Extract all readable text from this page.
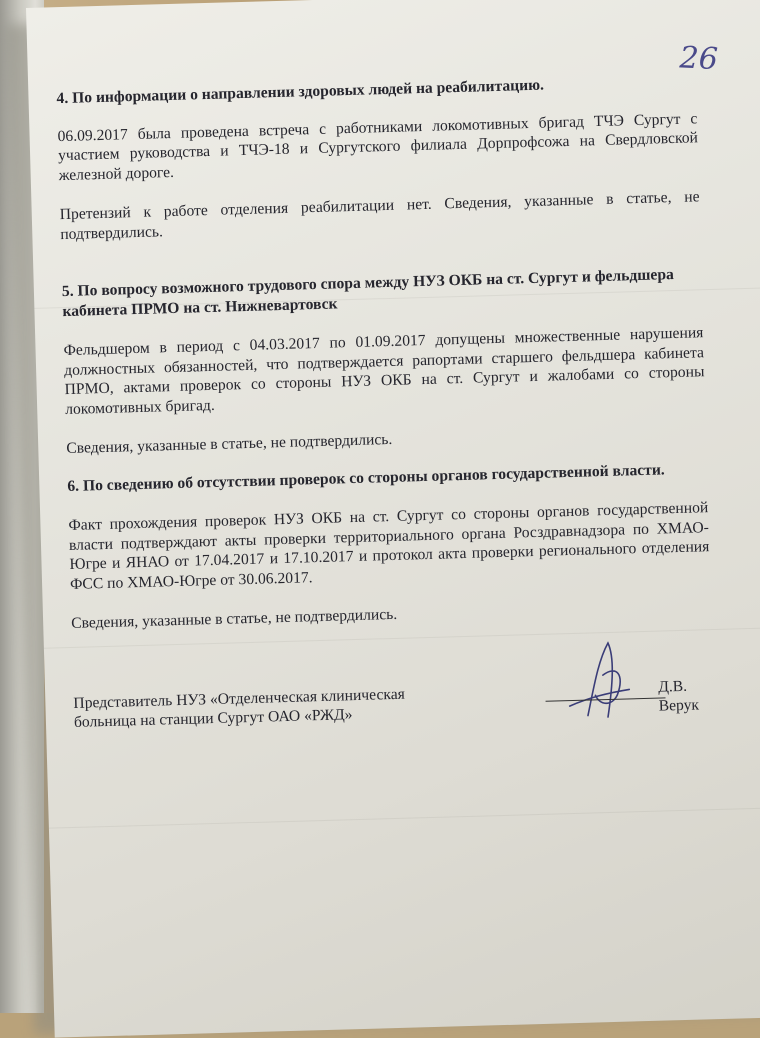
26
4. По информации о направлении здоровых людей на реабилитацию.

06.09.2017 была проведена встреча с работниками локомотивных бригад ТЧЭ Сургут с участием руководства и ТЧЭ-18 и Сургутского филиала Дорпрофсожа на Свердловской железной дороге.

Претензий к работе отделения реабилитации нет. Сведения, указанные в статье, не подтвердились.

5. По вопросу возможного трудового спора между НУЗ ОКБ на ст. Сургут и фельдшера кабинета ПРМО на ст. Нижневартовск

Фельдшером в период с 04.03.2017 по 01.09.2017 допущены множественные нарушения должностных обязанностей, что подтверждается рапортами старшего фельдшера кабинета ПРМО, актами проверок со стороны НУЗ ОКБ на ст. Сургут и жалобами со стороны локомотивных бригад.

Сведения, указанные в статье, не подтвердились.

6. По сведению об отсутствии проверок со стороны органов государственной власти.

Факт прохождения проверок НУЗ ОКБ на ст. Сургут со стороны органов государственной власти подтверждают акты проверки территориального органа Росздравнадзора по ХМАО-Югре и ЯНАО от 17.04.2017 и 17.10.2017 и протокол акта проверки регионального отделения ФСС по ХМАО-Югре от 30.06.2017.

Сведения, указанные в статье, не подтвердились.

Представитель НУЗ «Отделенческая клиническая больница на станции Сургут ОАО «РЖД»
Д.В. Верук
